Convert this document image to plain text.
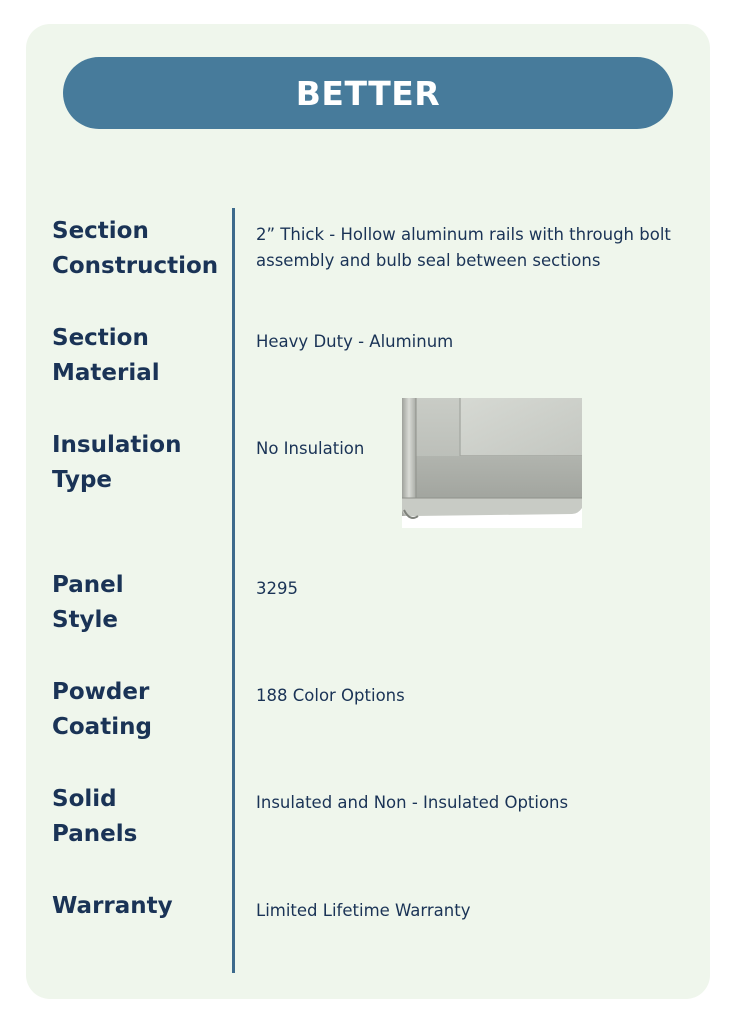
BETTER
Section
Construction
2” Thick - Hollow aluminum rails with through bolt assembly and bulb seal between sections
Section
Material
Heavy Duty - Aluminum
Insulation
Type
No Insulation
Panel
Style
3295
Powder
Coating
188 Color Options
Solid
Panels
Insulated and Non - Insulated Options
Warranty	Limited Lifetime Warranty
